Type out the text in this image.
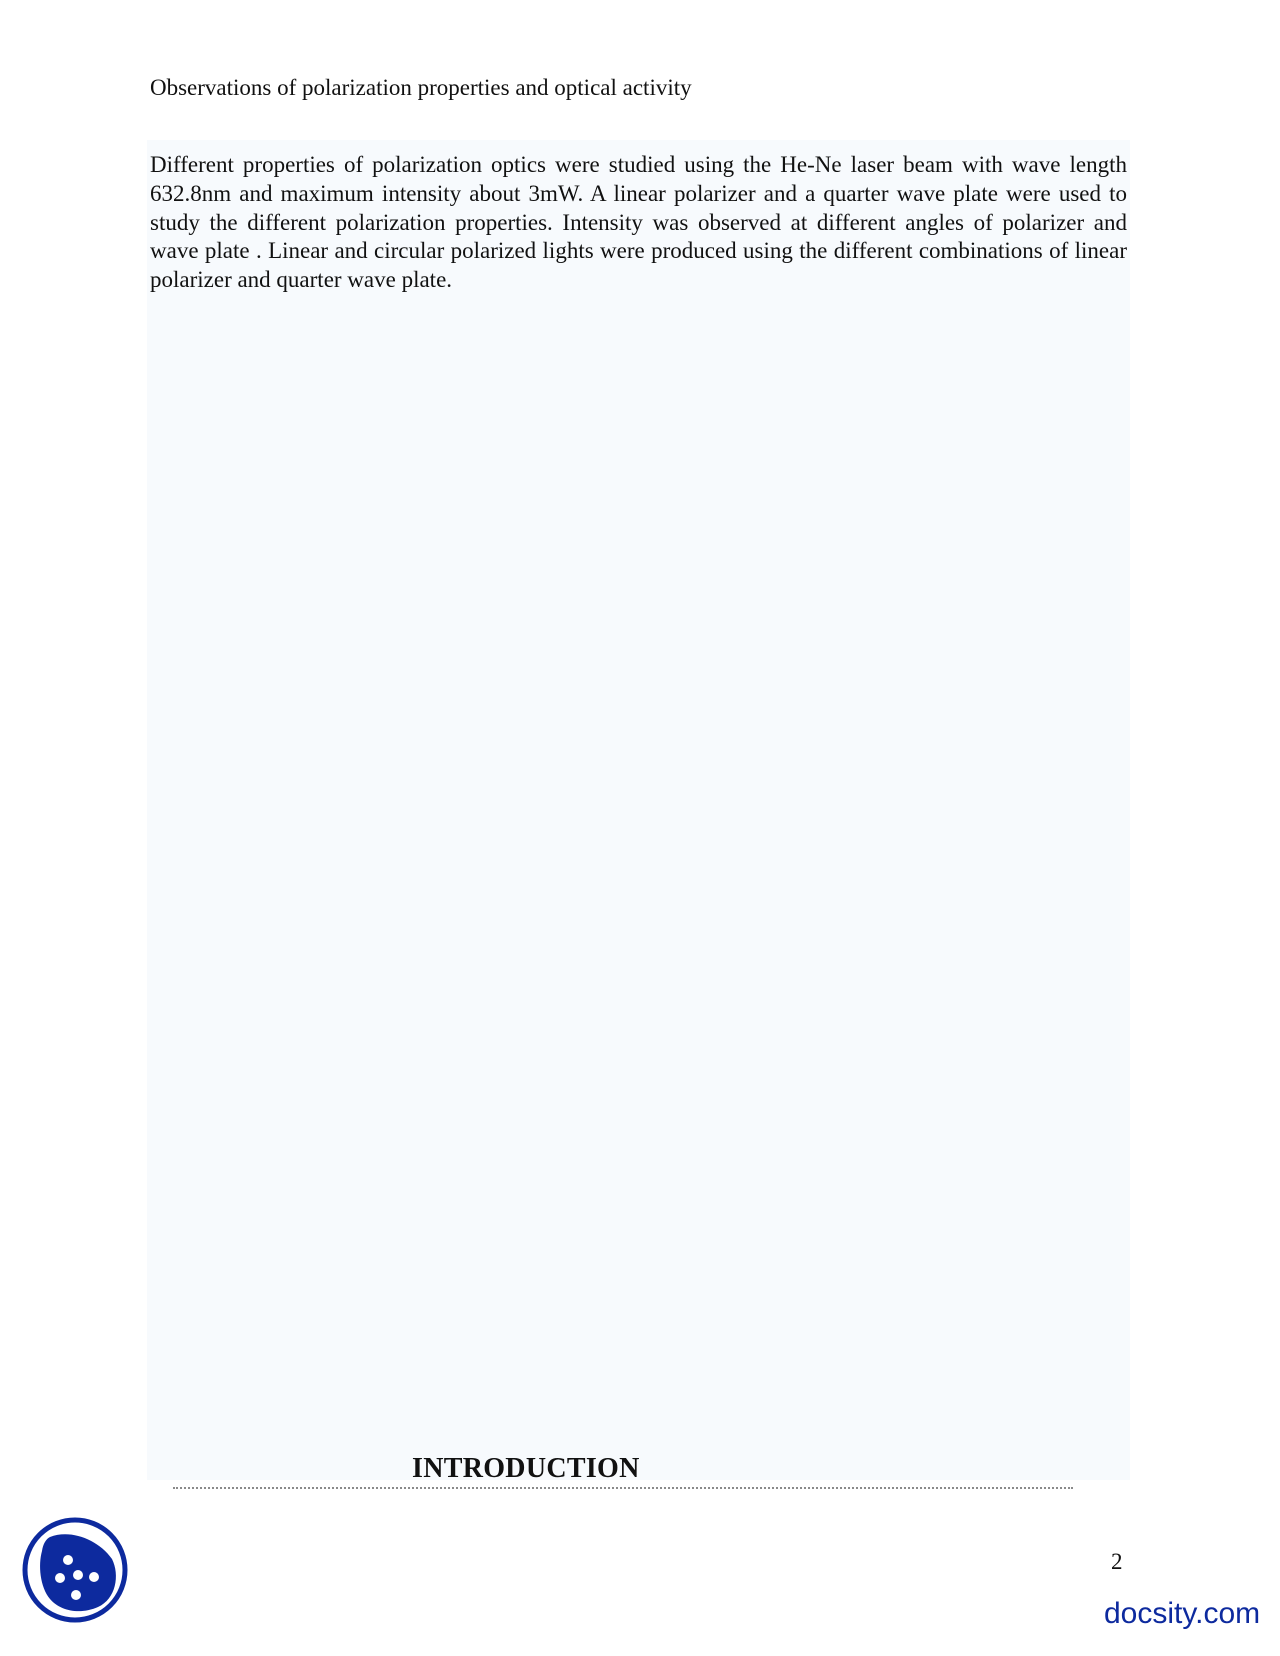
Observations of polarization properties and optical activity

Different properties of polarization optics were studied using the He-Ne laser beam with wave length 632.8nm and maximum intensity about 3mW. A linear polarizer and a quarter wave plate were used to study the different polarization properties. Intensity was observed at different angles of polarizer and wave plate . Linear and circular polarized lights were produced using the different combinations of linear polarizer and quarter wave plate.

INTRODUCTION
2
docsity.com
